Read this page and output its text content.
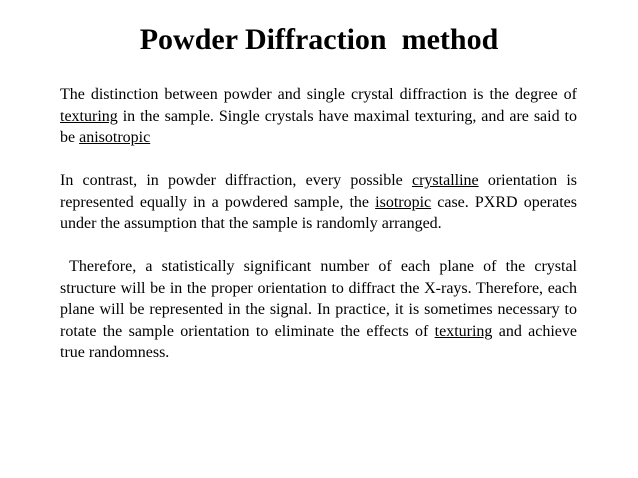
Powder Diffraction  method

The distinction between powder and single crystal diffraction is the degree of texturing in the sample. Single crystals have maximal texturing, and are said to be anisotropic

In contrast, in powder diffraction, every possible crystalline orientation is represented equally in a powdered sample, the isotropic case. PXRD operates under the assumption that the sample is randomly arranged.

Therefore, a statistically significant number of each plane of the crystal structure will be in the proper orientation to diffract the X-rays. Therefore, each plane will be represented in the signal. In practice, it is sometimes necessary to rotate the sample orientation to eliminate the effects of texturing and achieve true randomness.
